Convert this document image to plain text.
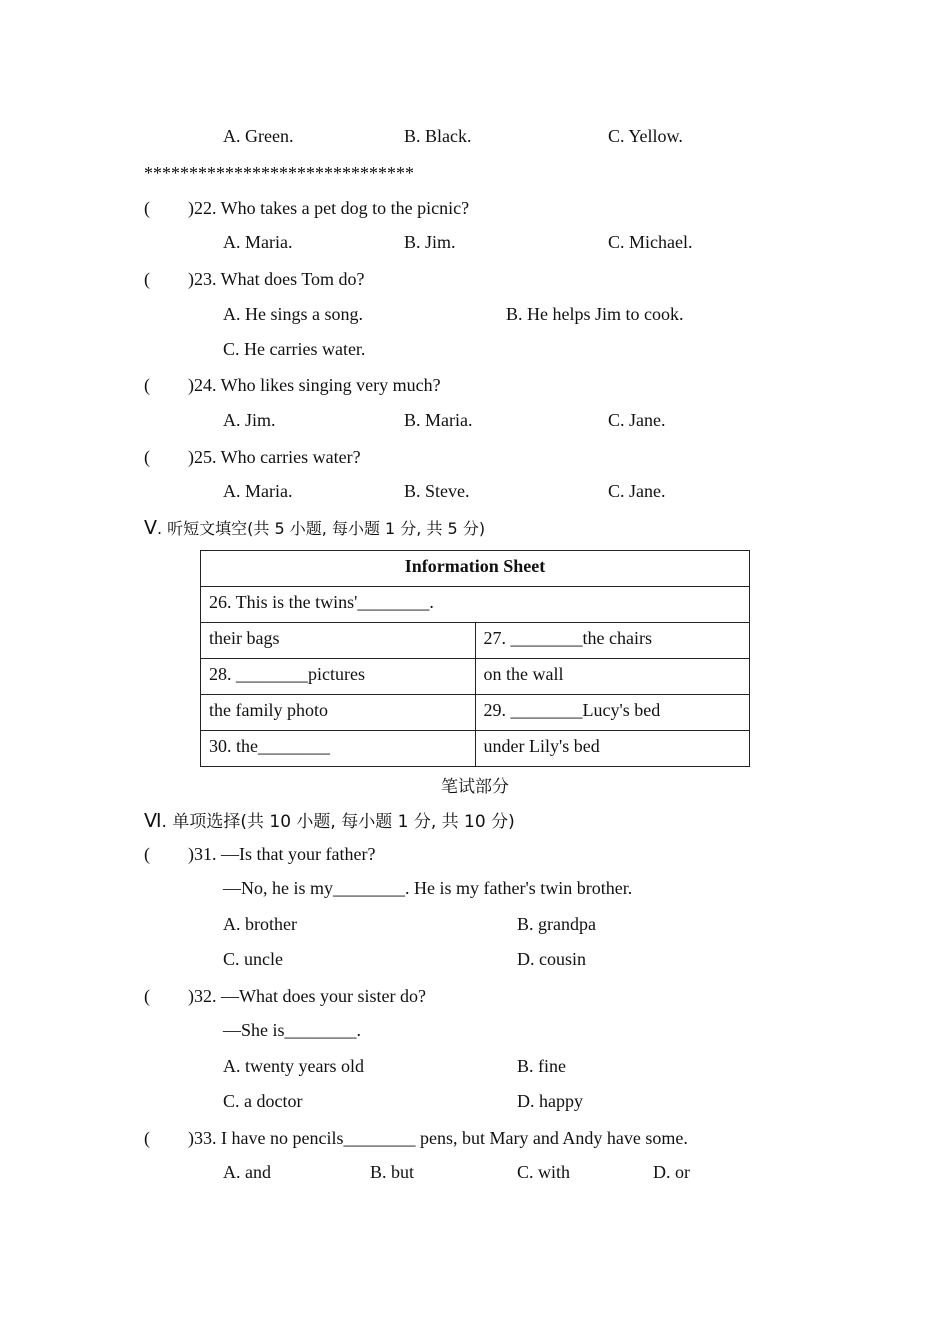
A. Green.	B. Black.	C. Yellow.
******************************
( )22. Who takes a pet dog to the picnic?
A. Maria.	B. Jim.	C. Michael.
( )23. What does Tom do?
A. He sings a song.	B. He helps Jim to cook.
C. He carries water.
( )24. Who likes singing very much?
A. Jim.	B. Maria.	C. Jane.
( )25. Who carries water?
A. Maria.	B. Steve.	C. Jane.
Ⅴ. 听短文填空(共 5 小题, 每小题 1 分, 共 5 分)
Information Sheet	
26. This is the twins'________.	
their bags	27. ________the chairs
28. ________pictures	on the wall
the family photo	29. ________Lucy's bed
30. the________	under Lily's bed
笔试部分
Ⅵ. 单项选择(共 10 小题, 每小题 1 分, 共 10 分)
( )31. —Is that your father?
—No, he is my________. He is my father's twin brother.
A. brother	B. grandpa
C. uncle	D. cousin
( )32. —What does your sister do?
—She is________.
A. twenty years old	B. fine
C. a doctor	D. happy
( )33. I have no pencils________ pens, but Mary and Andy have some.
A. and	B. but	C. with	D. or
